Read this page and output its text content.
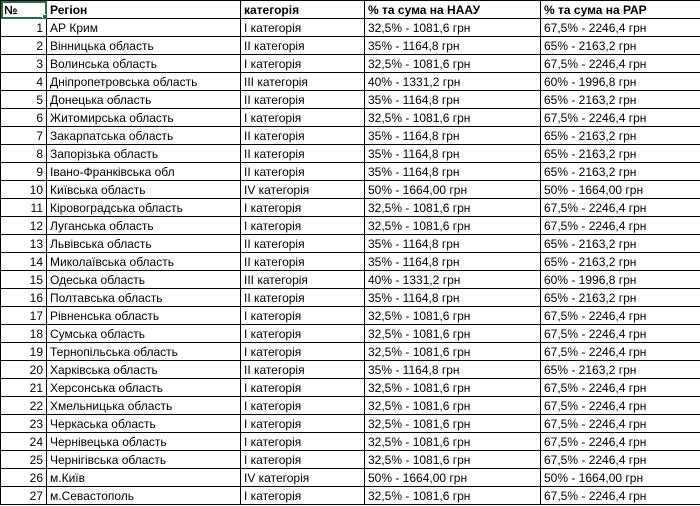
№	Регіон	категорія	% та сума на НААУ	% та сума на РАР
1	АР Крим	І категорія	32,5% - 1081,6 грн	67,5% - 2246,4 грн
2	Вінницька область	ІІ категорія	35% - 1164,8 грн	65% - 2163,2 грн
3	Волинська область	І категорія	32,5% - 1081,6 грн	67,5% - 2246,4 грн
4	Дніпропетровська область	ІІІ категорія	40% - 1331,2 грн	60% - 1996,8 грн
5	Донецька область	ІІ категорія	35% - 1164,8 грн	65% - 2163,2 грн
6	Житомирська область	І категорія	32,5% - 1081,6 грн	67,5% - 2246,4 грн
7	Закарпатська область	ІІ категорія	35% - 1164,8 грн	65% - 2163,2 грн
8	Запорізька область	ІІ категорія	35% - 1164,8 грн	65% - 2163,2 грн
9	Івано-Франківська обл	ІІ категорія	35% - 1164,8 грн	65% - 2163,2 грн
10	Київська область	IV категорія	50% - 1664,00 грн	50% - 1664,00 грн
11	Кіровоградська область	І категорія	32,5% - 1081,6 грн	67,5% - 2246,4 грн
12	Луганська область	І категорія	32,5% - 1081,6 грн	67,5% - 2246,4 грн
13	Львівська область	ІІ категорія	35% - 1164,8 грн	65% - 2163,2 грн
14	Миколаївська область	ІІ категорія	35% - 1164,8 грн	65% - 2163,2 грн
15	Одеська область	ІІІ категорія	40% - 1331,2 грн	60% - 1996,8 грн
16	Полтавська область	ІІ категорія	35% - 1164,8 грн	65% - 2163,2 грн
17	Рівненська область	І категорія	32,5% - 1081,6 грн	67,5% - 2246,4 грн
18	Сумська область	І категорія	32,5% - 1081,6 грн	67,5% - 2246,4 грн
19	Тернопільська область	І категорія	32,5% - 1081,6 грн	67,5% - 2246,4 грн
20	Харківська область	ІІ категорія	35% - 1164,8 грн	65% - 2163,2 грн
21	Херсонська область	І категорія	32,5% - 1081,6 грн	67,5% - 2246,4 грн
22	Хмельницька область	І категорія	32,5% - 1081,6 грн	67,5% - 2246,4 грн
23	Черкаська область	І категорія	32,5% - 1081,6 грн	67,5% - 2246,4 грн
24	Чернівецька область	І категорія	32,5% - 1081,6 грн	67,5% - 2246,4 грн
25	Чернігівська область	І категорія	32,5% - 1081,6 грн	67,5% - 2246,4 грн
26	м.Київ	IV категорія	50% - 1664,00 грн	50% - 1664,00 грн
27	м.Севастополь	І категорія	32,5% - 1081,6 грн	67,5% - 2246,4 грн
